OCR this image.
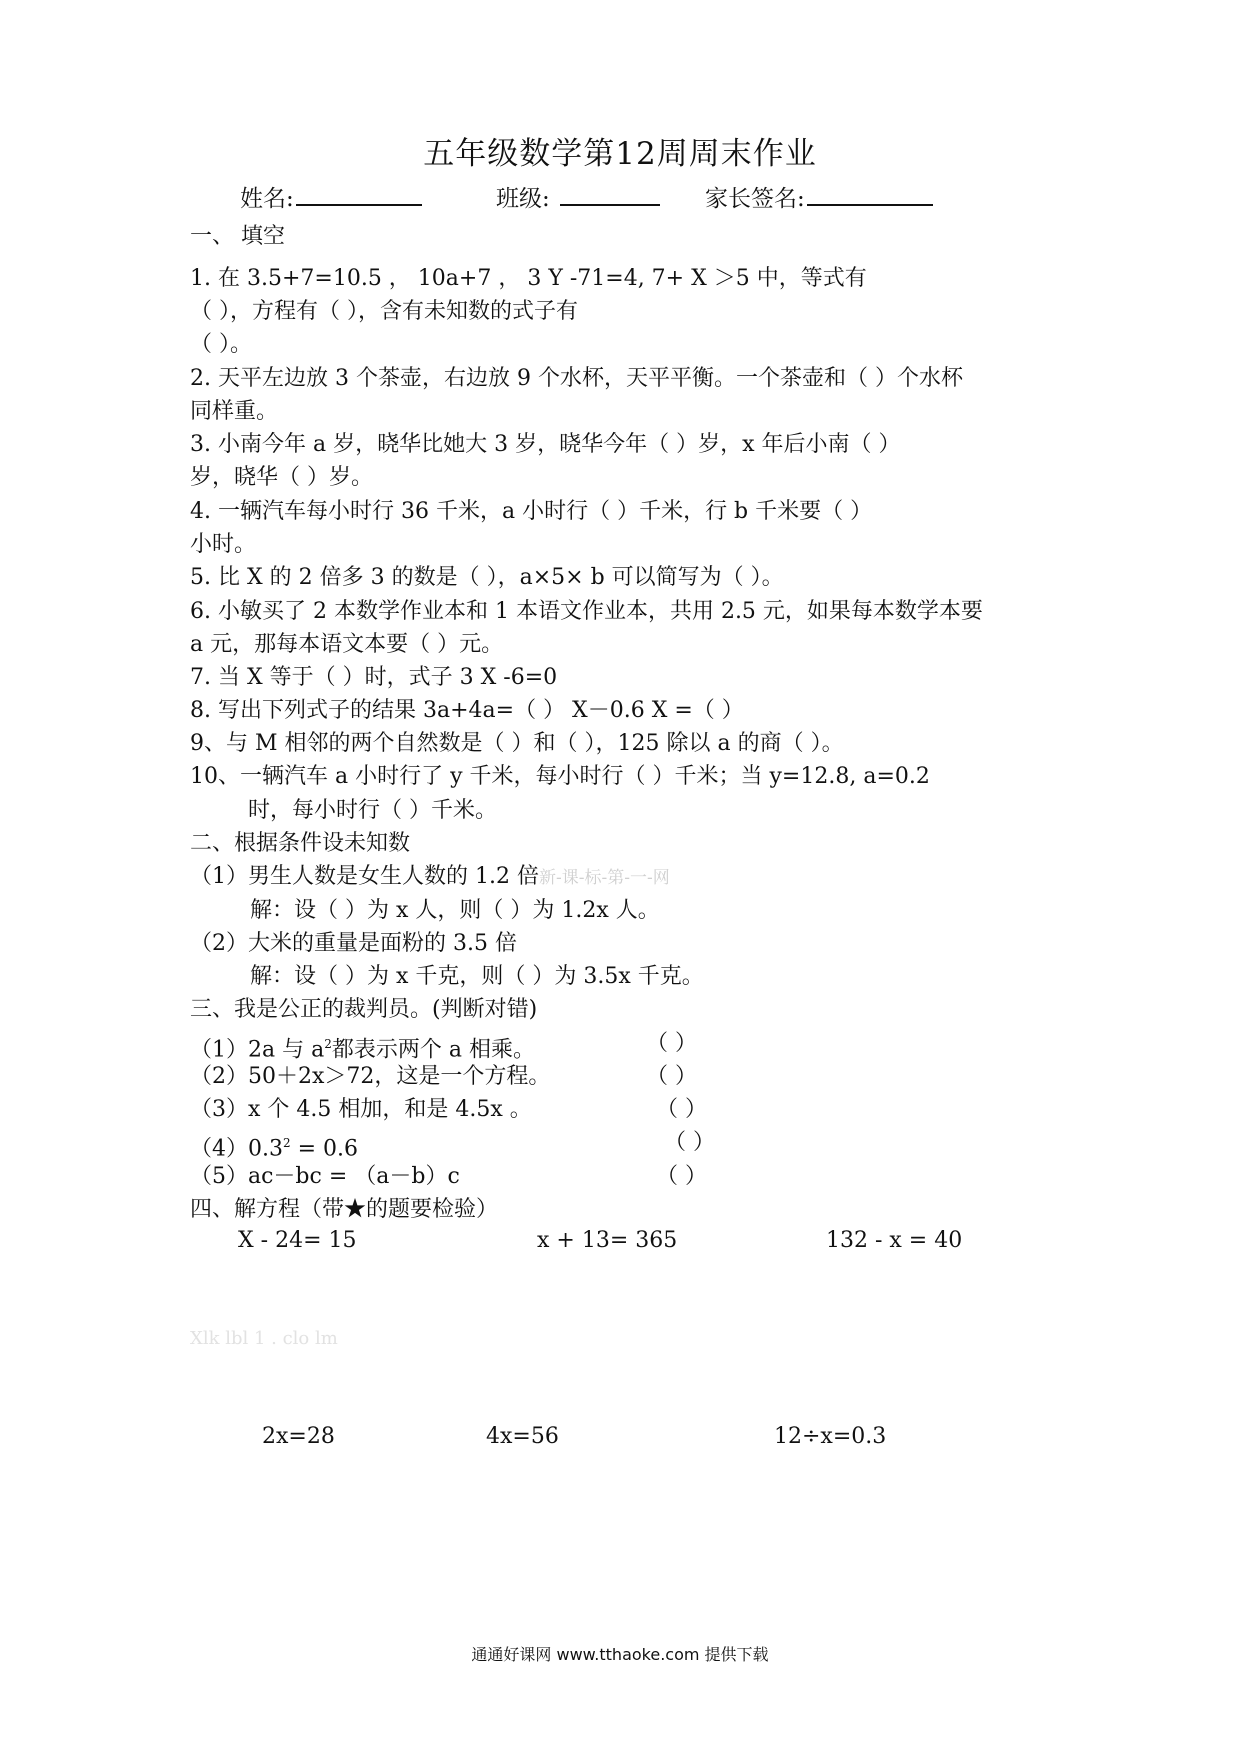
五年级数学第12周周末作业
姓名:	班级:	家长签名:
一、 填空
1. 在 3.5+7=10.5 ， 10a+7 ， 3 Y -71=4, 7+ X ＞5 中，等式有
（ ），方程有（ ），含有未知数的式子有
（ ）。
2. 天平左边放 3 个茶壶，右边放 9 个水杯，天平平衡。一个茶壶和（ ）个水杯
同样重。
3. 小南今年 a 岁，晓华比她大 3 岁，晓华今年（ ）岁，x 年后小南（ ）
岁，晓华（ ）岁。
4. 一辆汽车每小时行 36 千米，a 小时行（ ）千米，行 b 千米要（ ）
小时。
5. 比 X 的 2 倍多 3 的数是（ ），a×5× b 可以简写为（ ）。
6. 小敏买了 2 本数学作业本和 1 本语文作业本，共用 2.5 元，如果每本数学本要
a 元，那每本语文本要（ ）元。
7. 当 X 等于（ ）时，式子 3 X -6=0
8. 写出下列式子的结果 3a+4a=（ ） X－0.6 X =（ ）
9、与 M 相邻的两个自然数是（ ）和（ ），125 除以 a 的商（ ）。
10、一辆汽车 a 小时行了 y 千米，每小时行（ ）千米；当 y=12.8, a=0.2
时，每小时行（ ）千米。
二、根据条件设未知数
（1）男生人数是女生人数的 1.2 倍新-课-标-第-一-网
解：设（ ）为 x 人，则（ ）为 1.2x 人。
（2）大米的重量是面粉的 3.5 倍
解：设（ ）为 x 千克，则（ ）为 3.5x 千克。
三、我是公正的裁判员。(判断对错)
（1）2a 与 $a^2$都表示两个 a 相乘。	（ ）
（2）50＋2x＞72，这是一个方程。	（ ）
（3）x 个 4.5 相加，和是 4.5x 。	（ ）
$(4)0.3^2 = 0.6$	（ ）
（5）ac－bc = （a－b）c	（ ）
四、解方程（带★的题要检验）
X - 24= 15	x + 13= 365	132 - x = 40
Xlk lbl 1 . clo lm
2x=28	4x=56	12÷x=0.3
通通好课网 www.tthaoke.com 提供下载
